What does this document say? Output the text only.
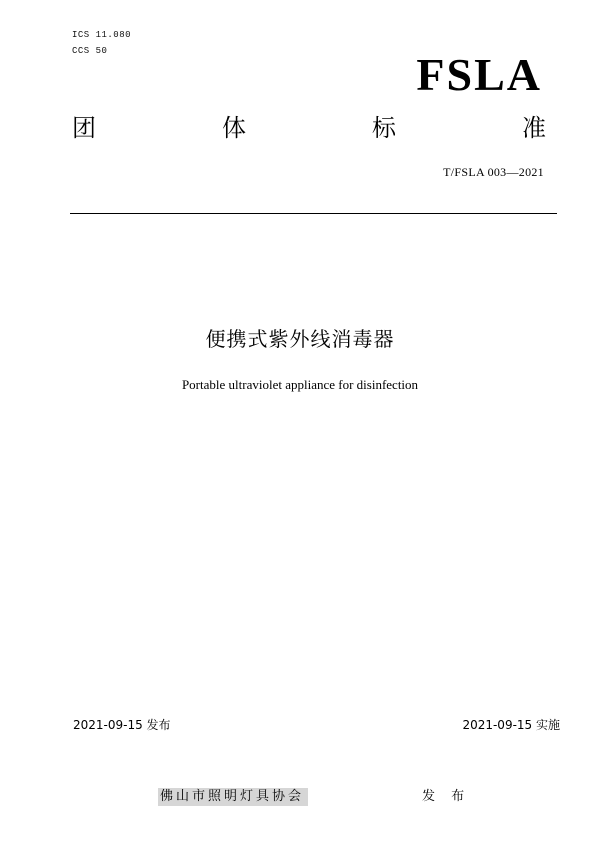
ICS 11.080
CCS 50	FSLA
团	体	标	准
T/FSLA 003—2021
便携式紫外线消毒器
Portable ultraviolet appliance for disinfection
2021-09-15 发布	2021-09-15 实施
佛山市照明灯具协会	发 布
